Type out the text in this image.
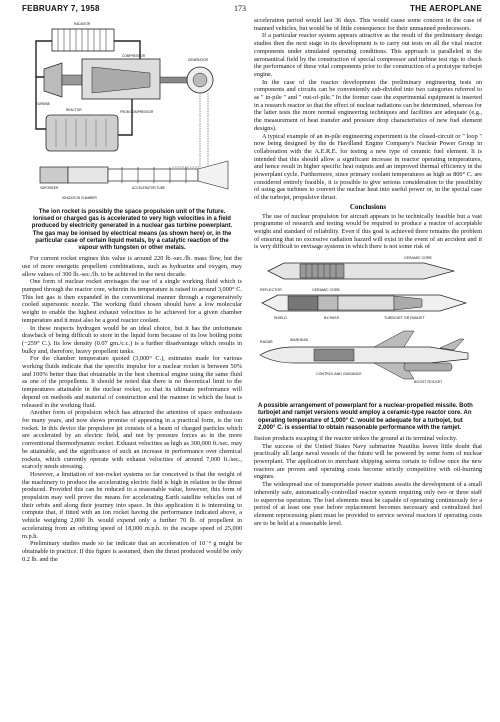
FEBRUARY 7, 1958	173	THE AEROPLANE
RADIATOR
TURBINE
COMPRESSOR
GENERATOR
REACTOR	FROM COMPRESSOR
VAPORIZER	ACCELERATOR TUBE
IONIZATION CHAMBER
The ion rocket is possibly the space propulsion unit of the future. Ionised or charged gas is accelerated to very high velocities in a field produced by electricity generated in a nuclear gas turbine powerplant. The gas may be ionised by electrical means (as shown here) or, in the particular case of certain liquid metals, by a catalytic reaction of the vapour with tungsten or other metals.

For current rocket engines this value is around 220 lb.-sec./lb. mass flow, but the use of more energetic propellent combinations, such as hydrazine and oxygen, may allow values of 300 lb.-sec./lb. to be achieved in the next decade.

One form of nuclear rocket envisages the use of a single working fluid which is pumped through the reactor core, wherein its temperature is raised to around 3,000° C. This hot gas is then expanded in the conventional manner through a regeneratively cooled supersonic nozzle. The working fluid chosen should have a low molecular weight to enable the highest exhaust velocities to be achieved for a given chamber temperature and it must also be a good reactor coolant.

In these respects hydrogen would be an ideal choice, but it has the unfortunate drawback of being difficult to store in the liquid form because of its low boiling point (−259° C.). Its low density (0.07 gm./c.c.) is a further disadvantage which results in bulky and, therefore, heavy propellent tanks.

For the chamber temperature quoted (3,000° C.), estimates made for various working fluids indicate that the specific impulse for a nuclear rocket is between 50% and 100% better than that obtainable in the best chemical engine using the same fluid as one of the propellents. It should be noted that there is no theoretical limit to the temperatures attainable in the nuclear rocket, so that its ultimate performance will depend on methods and material of construction and the manner in which the heat is released in the working fluid.

Another form of propulsion which has attracted the attention of space enthusiasts for many years, and now shows promise of appearing in a practical form, is the ion rocket. In this device the propulsive jet consists of a beam of charged particles which are accelerated by an electric field, and not by pressure forces as in the more conventional thermodynamic rocket. Exhaust velocities as high as 300,000 ft./sec. may be attainable, and the significance of such an increase in performance over chemical rockets, which currently operate with exhaust velocities of around 7,000 ft./sec., scarcely needs stressing.

However, a limitation of ion-rocket systems so far conceived is that the weight of the machinery to produce the accelerating electric field is high in relation to the thrust produced. Provided this can be reduced to a reasonable value, however, this form of propulsion may well prove the means for accelerating Earth satellite vehicles out of their orbits and along their journey into space. In this application it is interesting to compute that, if fitted with an ion rocket having the performance indicated above, a vehicle weighing 2,000 lb. would expend only a further 70 lb. of propellent in accelerating from an orbiting speed of 18,000 m.p.h. to the escape speed of 25,000 m.p.h.

Preliminary studies made so far indicate that an acceleration of 10⁻⁴ g might be obtainable in practice. If this figure is assumed, then the thrust produced would be only 0.2 lb. and the

acceleration period would last 36 days. This would cause some concern in the case of manned vehicles, but would be of little consequence for their unmanned predecessors.

If a particular reactor system appears attractive as the result of the preliminary design studies then the next stage in its development is to carry out tests on all the vital reactor components under simulated operating conditions. This approach is paralleled in the aeronautical field by the construction of special compressor and turbine test rigs to check the performance of these vital components prior to the construction of a prototype turbojet engine.

In the case of the reactor development the preliminary engineering tests on components and circuits can be conveniently sub-divided into two categories referred to as " in-pile " and " out-of-pile." In the former case the experimental equipment is inserted in a research reactor so that the effect of nuclear radiations can be determined, whereas for the latter tests the more normal engineering techniques and facilities are adequate (e.g., the measurement of heat transfer and pressure drop characteristics of new fuel element designs).

A typical example of an in-pile engineering experiment is the closed-circuit or " loop " now being designed by the de Havilland Engine Company's Nuclear Power Group in collaboration with the A.E.R.E. for testing a new type of ceramic fuel element. It is intended that this should allow a significant increase in reactor operating temperatures, and hence result in higher specific heat outputs and an improved thermal efficiency in the powerplant cycle. Furthermore, since primary coolant temperatures as high as 800° C. are considered entirely feasible, it is possible to give serious consideration to the possibility of using gas turbines to convert the nuclear heat into useful power or, in the special case of the turbojet, propulsive thrust.

Conclusions

The use of nuclear propulsion for aircraft appears to be technically feasible but a vast programme of research and testing would be required to produce a reactor of acceptable weight and standard of reliability. Even if this goal is achieved there remains the problem of ensuring that no excessive radiation hazard will exist in the event of an accident and it is very difficult to envisage systems in which there is not some risk of

CERAMIC CORE
REFLECTOR	CERAMIC CORE
SHIELD	BY-PASS	TURBOJET OR RAMJET
RADAR	WARHEAD
CONTROL AND GUIDANCE
BOOST ROCKET
A possible arrangement of powerplant for a nuclear-propelled missile. Both turbojet and ramjet versions would employ a ceramic-type reactor core. An operating temperature of 1,000° C. would be adequate for a turbojet, but 2,000° C. is essential to obtain reasonable performance with the ramjet.

fission products escaping if the reactor strikes the ground at its terminal velocity.

The success of the United States Navy submarine Nautilus leaves little doubt that practically all large naval vessels of the future will be powered by some form of nuclear powerplant. The application to merchant shipping seems certain to follow once the new reactors are proven and operating costs become strictly competitive with oil-burning engines.

The widespread use of transportable power stations awaits the development of a small inherently safe, automatically-controlled reactor system requiring only two or three staff to supervise operation. The fuel elements must be capable of operating continuously for a period of at least one year before replacement becomes necessary and centralized fuel element reprocessing plant must be provided to service several reactors if operating costs are to be held at a reasonable level.
